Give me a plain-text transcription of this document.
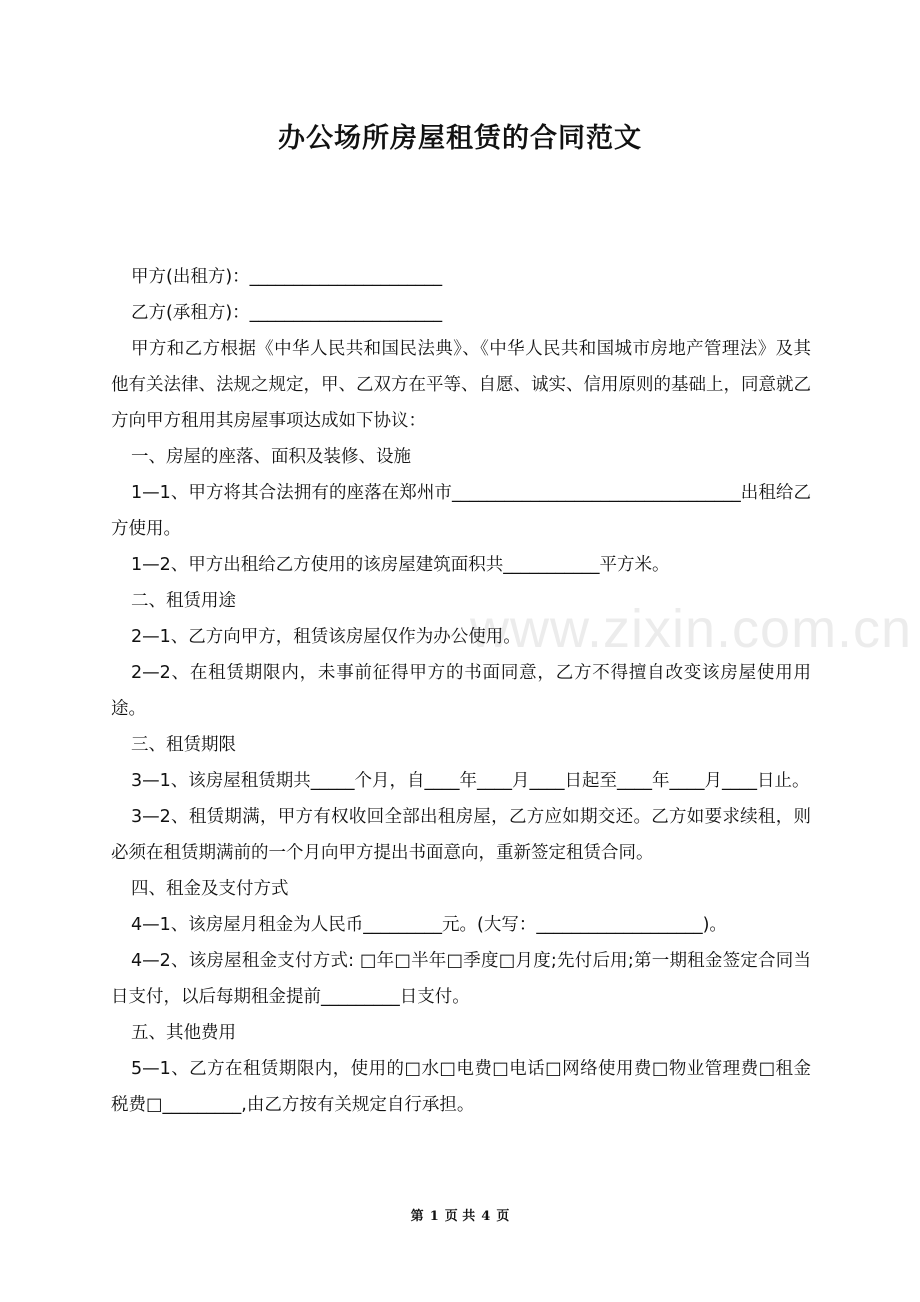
办公场所房屋租赁的合同范文
www.zixin.com.cn

甲方(出租方)：______________________

乙方(承租方)：______________________

甲方和乙方根据《中华人民共和国民法典》、《中华人民共和国城市房地产管理法》及其他有关法律、法规之规定，甲、乙双方在平等、自愿、诚实、信用原则的基础上，同意就乙方向甲方租用其房屋事项达成如下协议：

一、房屋的座落、面积及装修、设施

1—1、甲方将其合法拥有的座落在郑州市_________________________________出租给乙方使用。

1—2、甲方出租给乙方使用的该房屋建筑面积共___________平方米。

二、租赁用途

2—1、乙方向甲方，租赁该房屋仅作为办公使用。

2—2、在租赁期限内，未事前征得甲方的书面同意，乙方不得擅自改变该房屋使用用途。

三、租赁期限

3—1、该房屋租赁期共_____个月，自____年____月____日起至____年____月____日止。

3—2、租赁期满，甲方有权收回全部出租房屋，乙方应如期交还。乙方如要求续租，则必须在租赁期满前的一个月向甲方提出书面意向，重新签定租赁合同。

四、租金及支付方式

4—1、该房屋月租金为人民币_________元。(大写：___________________)。

4—2、该房屋租金支付方式: □年□半年□季度□月度;先付后用;第一期租金签定合同当日支付，以后每期租金提前_________日支付。

五、其他费用

5—1、乙方在租赁期限内，使用的□水□电费□电话□网络使用费□物业管理费□租金税费□_________,由乙方按有关规定自行承担。

第 1 页 共 4 页
